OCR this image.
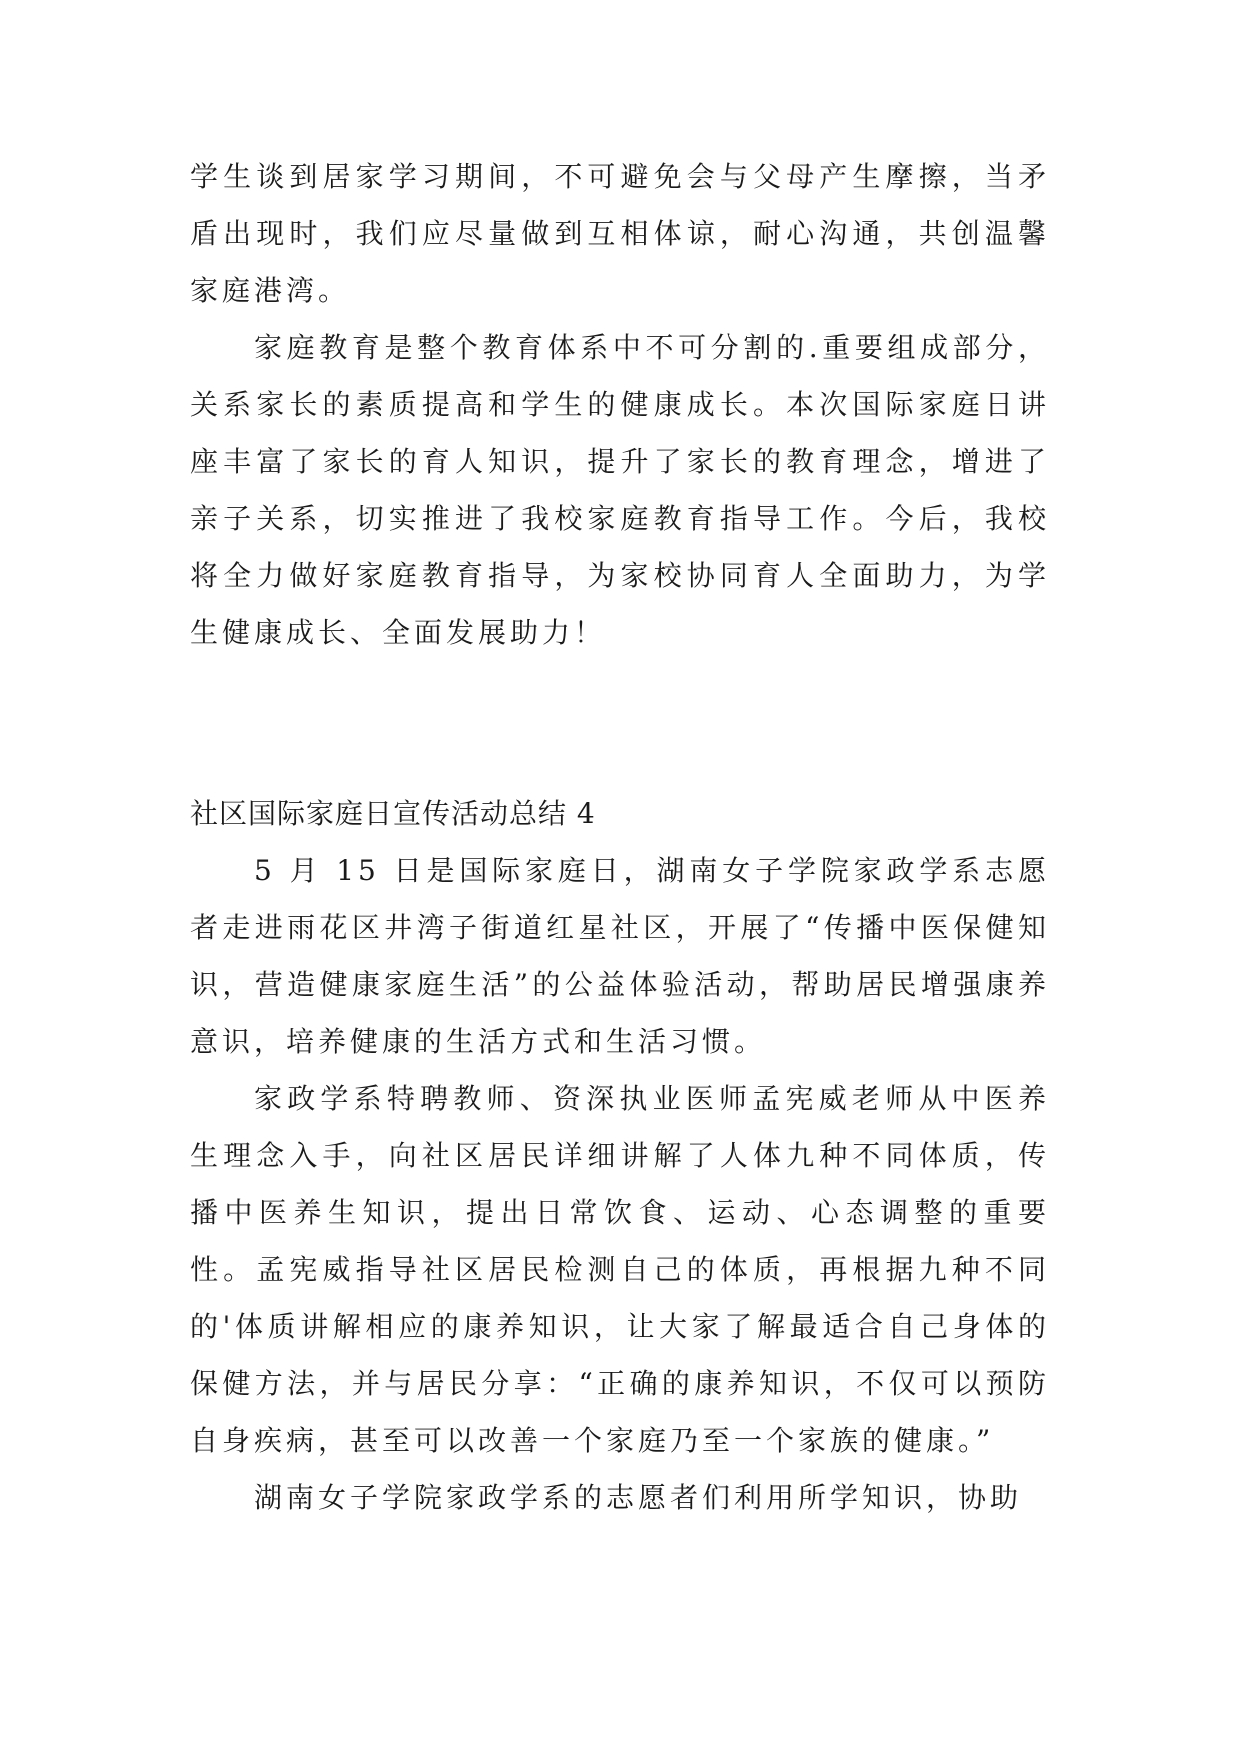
学生谈到居家学习期间，不可避免会与父母产生摩擦，当矛盾出现时，我们应尽量做到互相体谅，耐心沟通，共创温馨家庭港湾。

家庭教育是整个教育体系中不可分割的.重要组成部分，关系家长的素质提高和学生的健康成长。本次国际家庭日讲座丰富了家长的育人知识，提升了家长的教育理念，增进了亲子关系，切实推进了我校家庭教育指导工作。今后，我校将全力做好家庭教育指导，为家校协同育人全面助力，为学生健康成长、全面发展助力！

社区国际家庭日宣传活动总结 4

5 月 15 日是国际家庭日，湖南女子学院家政学系志愿者走进雨花区井湾子街道红星社区，开展了“传播中医保健知识，营造健康家庭生活”的公益体验活动，帮助居民增强康养意识，培养健康的生活方式和生活习惯。

家政学系特聘教师、资深执业医师孟宪威老师从中医养生理念入手，向社区居民详细讲解了人体九种不同体质，传播中医养生知识，提出日常饮食、运动、心态调整的重要性。孟宪威指导社区居民检测自己的体质，再根据九种不同的'体质讲解相应的康养知识，让大家了解最适合自己身体的保健方法，并与居民分享：“正确的康养知识，不仅可以预防自身疾病，甚至可以改善一个家庭乃至一个家族的健康。”

湖南女子学院家政学系的志愿者们利用所学知识，协助
